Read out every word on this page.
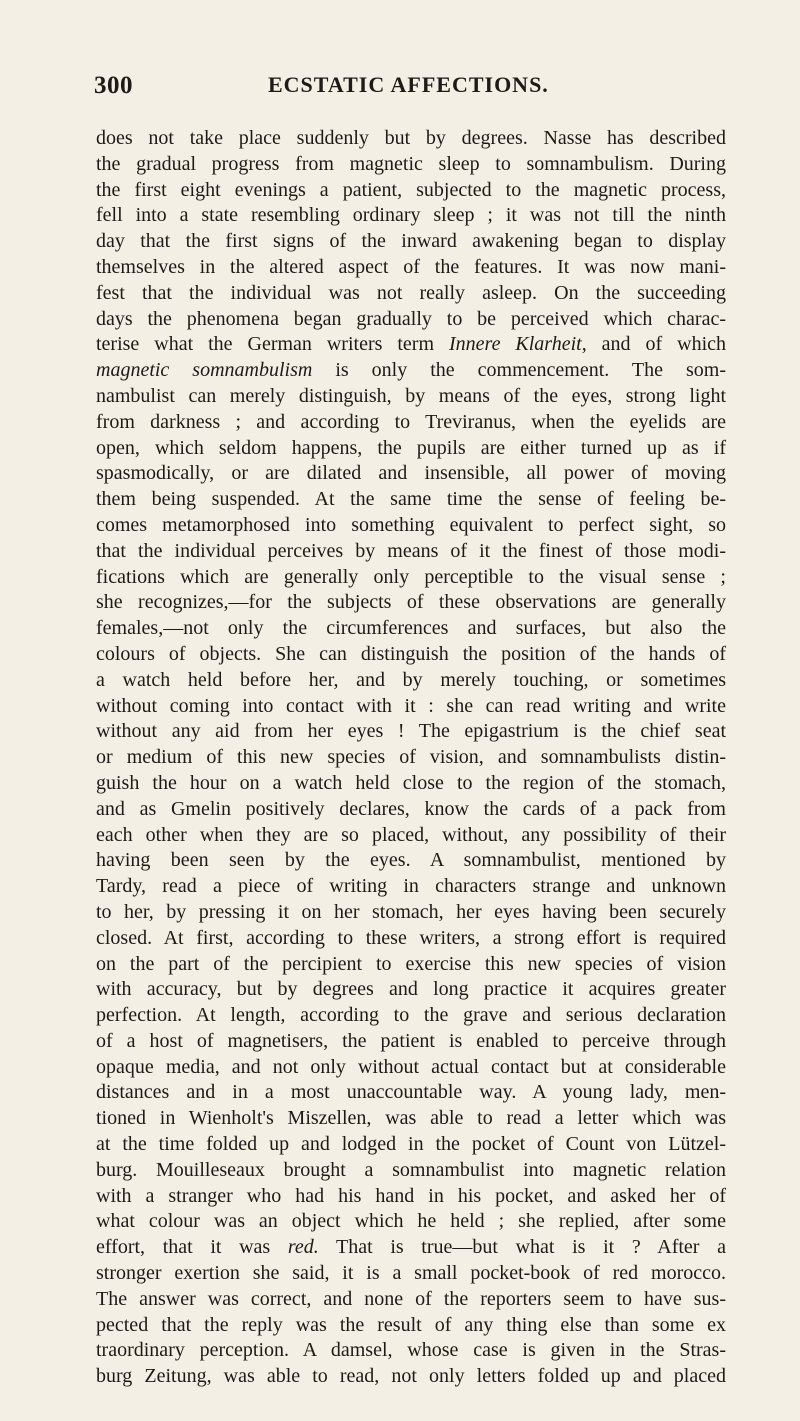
300	ECSTATIC AFFECTIONS.
does not take place suddenly but by degrees. Nasse has described
the gradual progress from magnetic sleep to somnambulism. During
the first eight evenings a patient, subjected to the magnetic process,
fell into a state resembling ordinary sleep ; it was not till the ninth
day that the first signs of the inward awakening began to display
themselves in the altered aspect of the features. It was now mani-
fest that the individual was not really asleep. On the succeeding
days the phenomena began gradually to be perceived which charac-
terise what the German writers term Innere Klarheit, and of which
magnetic somnambulism is only the commencement. The som-
nambulist can merely distinguish, by means of the eyes, strong light
from darkness ; and according to Treviranus, when the eyelids are
open, which seldom happens, the pupils are either turned up as if
spasmodically, or are dilated and insensible, all power of moving
them being suspended. At the same time the sense of feeling be-
comes metamorphosed into something equivalent to perfect sight, so
that the individual perceives by means of it the finest of those modi-
fications which are generally only perceptible to the visual sense ;
she recognizes,—for the subjects of these observations are generally
females,—not only the circumferences and surfaces, but also the
colours of objects. She can distinguish the position of the hands of
a watch held before her, and by merely touching, or sometimes
without coming into contact with it : she can read writing and write
without any aid from her eyes ! The epigastrium is the chief seat
or medium of this new species of vision, and somnambulists distin-
guish the hour on a watch held close to the region of the stomach,
and as Gmelin positively declares, know the cards of a pack from
each other when they are so placed, without, any possibility of their
having been seen by the eyes. A somnambulist, mentioned by
Tardy, read a piece of writing in characters strange and unknown
to her, by pressing it on her stomach, her eyes having been securely
closed. At first, according to these writers, a strong effort is required
on the part of the percipient to exercise this new species of vision
with accuracy, but by degrees and long practice it acquires greater
perfection. At length, according to the grave and serious declaration
of a host of magnetisers, the patient is enabled to perceive through
opaque media, and not only without actual contact but at considerable
distances and in a most unaccountable way. A young lady, men-
tioned in Wienholt's Miszellen, was able to read a letter which was
at the time folded up and lodged in the pocket of Count von Lützel-
burg. Mouilleseaux brought a somnambulist into magnetic relation
with a stranger who had his hand in his pocket, and asked her of
what colour was an object which he held ; she replied, after some
effort, that it was red. That is true—but what is it ? After a
stronger exertion she said, it is a small pocket-book of red morocco.
The answer was correct, and none of the reporters seem to have sus-
pected that the reply was the result of any thing else than some ex
traordinary perception. A damsel, whose case is given in the Stras-
burg Zeitung, was able to read, not only letters folded up and placed
